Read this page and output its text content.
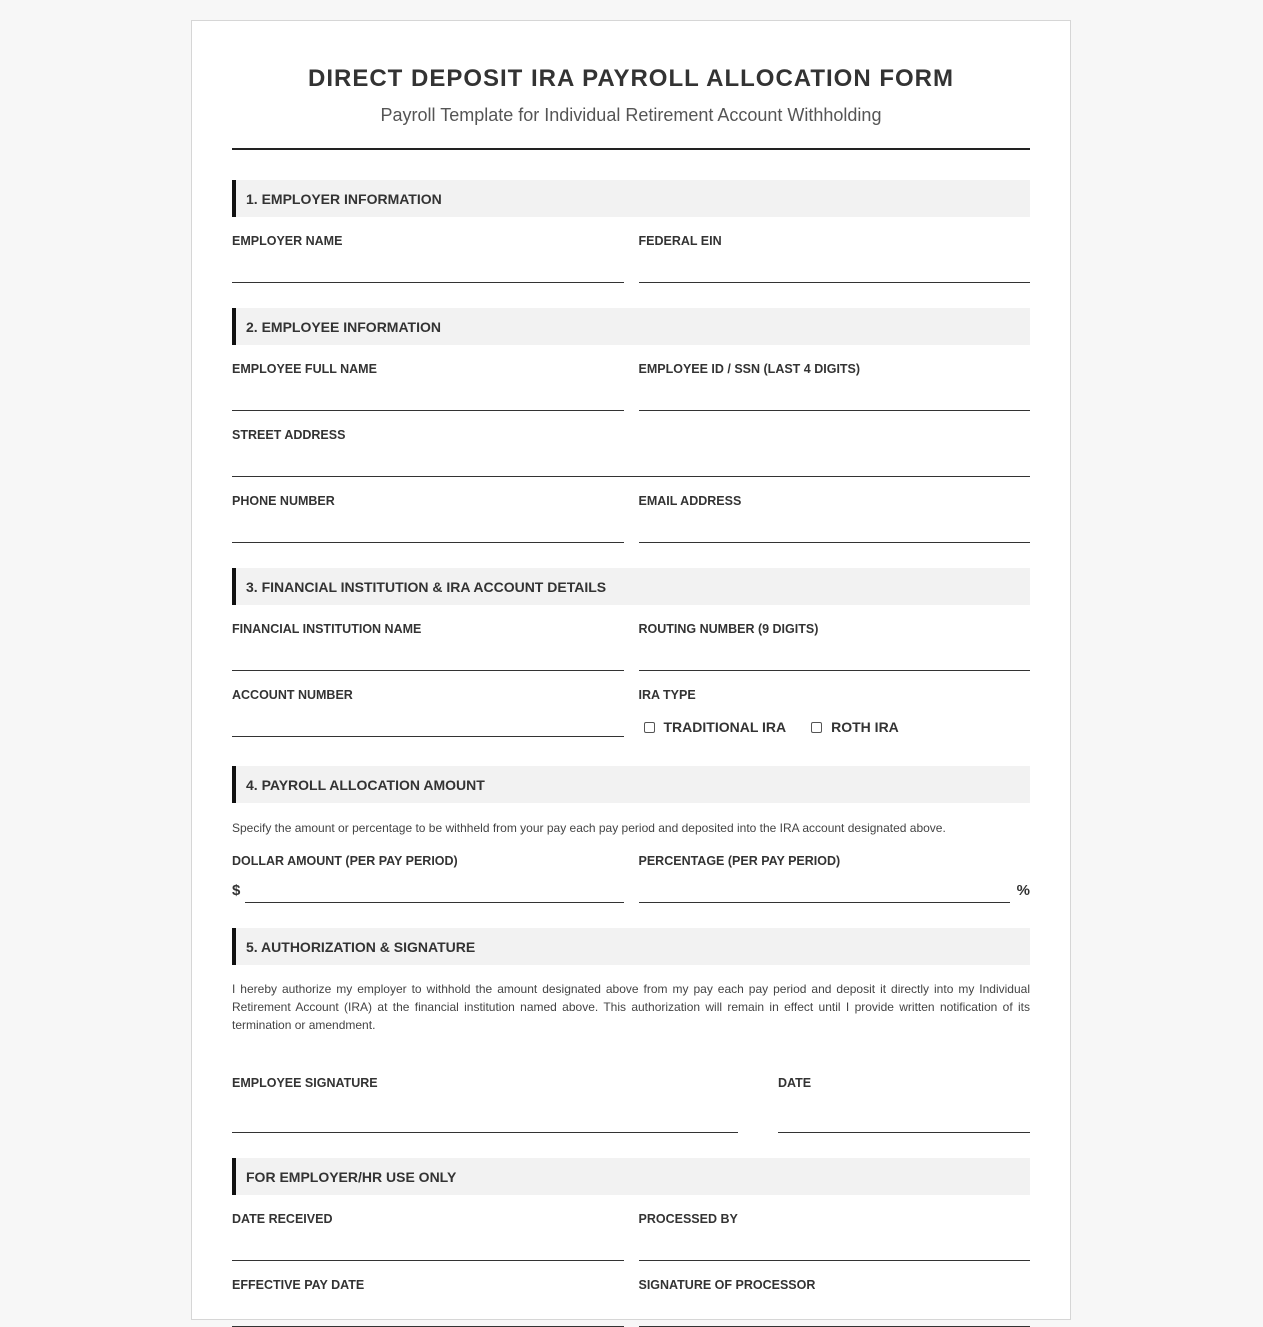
DIRECT DEPOSIT IRA PAYROLL ALLOCATION FORM
Payroll Template for Individual Retirement Account Withholding
1. EMPLOYER INFORMATION
EMPLOYER NAME	FEDERAL EIN
2. EMPLOYEE INFORMATION
EMPLOYEE FULL NAME	EMPLOYEE ID / SSN (LAST 4 DIGITS)
STREET ADDRESS
PHONE NUMBER	EMAIL ADDRESS
3. FINANCIAL INSTITUTION & IRA ACCOUNT DETAILS
FINANCIAL INSTITUTION NAME	ROUTING NUMBER (9 DIGITS)
ACCOUNT NUMBER	IRA TYPE
TRADITIONAL IRA	ROTH IRA
4. PAYROLL ALLOCATION AMOUNT
Specify the amount or percentage to be withheld from your pay each pay period and deposited into the IRA account designated above.
DOLLAR AMOUNT (PER PAY PERIOD)
$
PERCENTAGE (PER PAY PERIOD)
%
5. AUTHORIZATION & SIGNATURE
I hereby authorize my employer to withhold the amount designated above from my pay each pay period and deposit it directly into my Individual Retirement Account (IRA) at the financial institution named above. This authorization will remain in effect until I provide written notification of its termination or amendment.
EMPLOYEE SIGNATURE	DATE
FOR EMPLOYER/HR USE ONLY
DATE RECEIVED	PROCESSED BY
EFFECTIVE PAY DATE	SIGNATURE OF PROCESSOR
